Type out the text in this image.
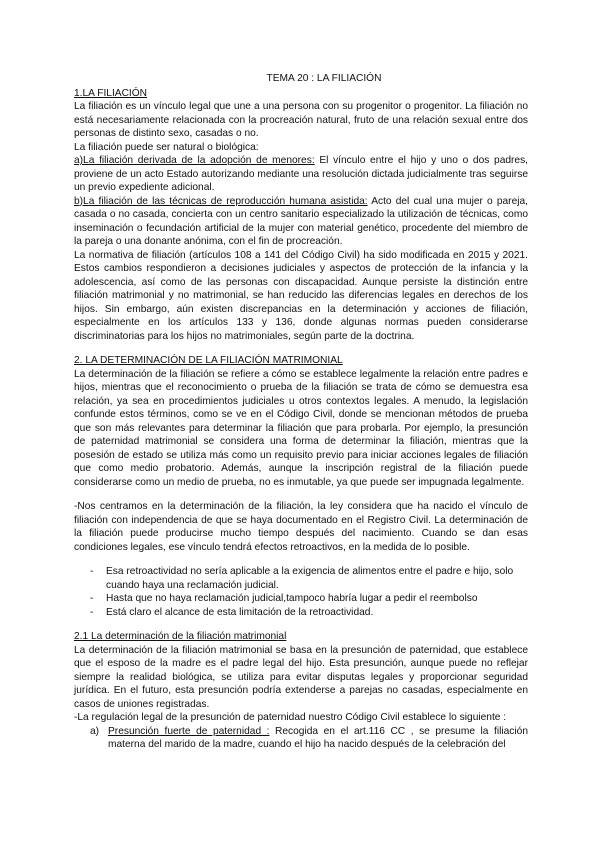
TEMA 20 : LA FILIACIÓN
1.LA FILIACIÓN

La filiación es un vínculo legal que une a una persona con su progenitor o progenitor. La filiación no está necesariamente relacionada con la procreación natural, fruto de una relación sexual entre dos personas de distinto sexo, casadas o no.

La filiación puede ser natural o biológica:

a)La filiación derivada de la adopción de menores: El vínculo entre el hijo y uno o dos padres, proviene de un acto Estado autorizando mediante una resolución dictada judicialmente tras seguirse un previo expediente adicional.

b)La filiación de las técnicas de reproducción humana asistida: Acto del cual una mujer o pareja, casada o no casada, concierta con un centro sanitario especializado la utilización de técnicas, como inseminación o fecundación artificial de la mujer con material genético, procedente del miembro de la pareja o una donante anónima, con el fin de procreación.

La normativa de filiación (artículos 108 a 141 del Código Civil) ha sido modificada en 2015 y 2021. Estos cambios respondieron a decisiones judiciales y aspectos de protección de la infancia y la adolescencia, así como de las personas con discapacidad. Aunque persiste la distinción entre filiación matrimonial y no matrimonial, se han reducido las diferencias legales en derechos de los hijos. Sin embargo, aún existen discrepancias en la determinación y acciones de filiación, especialmente en los artículos 133 y 136, donde algunas normas pueden considerarse discriminatorias para los hijos no matrimoniales, según parte de la doctrina.

2. LA DETERMINACIÓN DE LA FILIACIÓN MATRIMONIAL

La determinación de la filiación se refiere a cómo se establece legalmente la relación entre padres e hijos, mientras que el reconocimiento o prueba de la filiación se trata de cómo se demuestra esa relación, ya sea en procedimientos judiciales u otros contextos legales. A menudo, la legislación confunde estos términos, como se ve en el Código Civil, donde se mencionan métodos de prueba que son más relevantes para determinar la filiación que para probarla. Por ejemplo, la presunción de paternidad matrimonial se considera una forma de determinar la filiación, mientras que la posesión de estado se utiliza más como un requisito previo para iniciar acciones legales de filiación que como medio probatorio. Además, aunque la inscripción registral de la filiación puede considerarse como un medio de prueba, no es inmutable, ya que puede ser impugnada legalmente.

-Nos centramos en la determinación de la filiación, la ley considera que ha nacido el vínculo de filiación con independencia de que se haya documentado en el Registro Civil. La determinación de la filiación puede producirse mucho tiempo después del nacimiento. Cuando se dan esas condiciones legales, ese vínculo tendrá efectos retroactivos, en la medida de lo posible.

- Esa retroactividad no sería aplicable a la exigencia de alimentos entre el padre e hijo, solo cuando haya una reclamación judicial.
- Hasta que no haya reclamación judicial,tampoco habría lugar a pedir el reembolso
- Está claro el alcance de esta limitación de la retroactividad.
2.1 La determinación de la filiación matrimonial

La determinación de la filiación matrimonial se basa en la presunción de paternidad, que establece que el esposo de la madre es el padre legal del hijo. Esta presunción, aunque puede no reflejar siempre la realidad biológica, se utiliza para evitar disputas legales y proporcionar seguridad jurídica. En el futuro, esta presunción podría extenderse a parejas no casadas, especialmente en casos de uniones registradas.

-La regulación legal de la presunción de paternidad nuestro Código Civil establece lo siguiente :

a) Presunción fuerte de paternidad : Recogida en el art.116 CC , se presume la filiación materna del marido de la madre, cuando el hijo ha nacido después de la celebración del
